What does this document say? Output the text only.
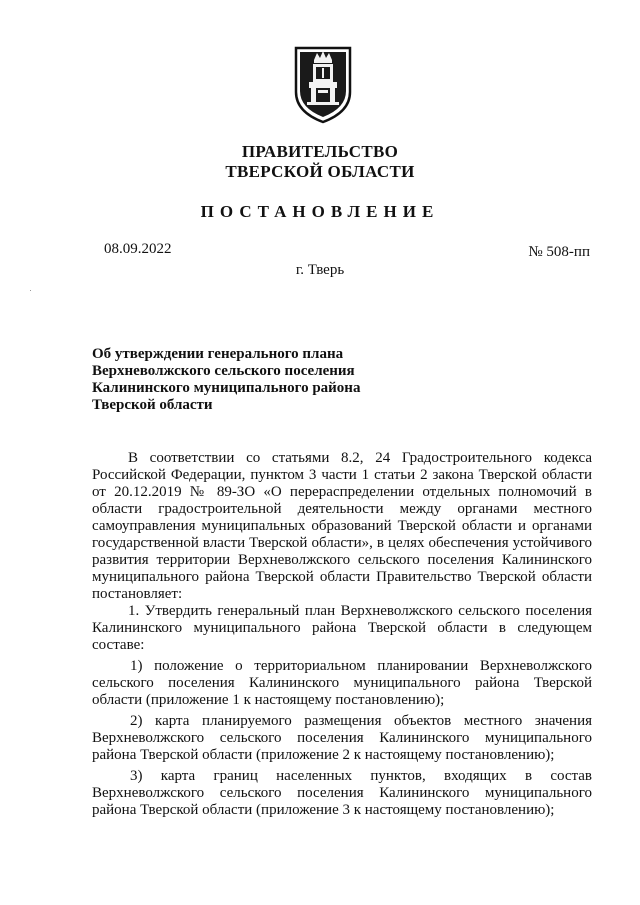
ПРАВИТЕЛЬСТВО
ТВЕРСКОЙ ОБЛАСТИ
ПОСТАНОВЛЕНИЕ
08.09.2022	№ 508-пп
г. Тверь
Об утверждении генерального плана
Верхневолжского сельского поселения
Калининского муниципального района
Тверской области

В соответствии со статьями 8.2, 24 Градостроительного кодекса Российской Федерации, пунктом 3 части 1 статьи 2 закона Тверской области от 20.12.2019 № 89-ЗО «О перераспределении отдельных полномочий в области градостроительной деятельности между органами местного самоуправления муниципальных образований Тверской области и органами государственной власти Тверской области», в целях обеспечения устойчивого развития территории Верхневолжского сельского поселения Калининского муниципального района Тверской области Правительство Тверской области постановляет:

1. Утвердить генеральный план Верхневолжского сельского поселения Калининского муниципального района Тверской области в следующем составе:

1) положение о территориальном планировании Верхневолжского сельского поселения Калининского муниципального района Тверской области (приложение 1 к настоящему постановлению);

2) карта планируемого размещения объектов местного значения Верхневолжского сельского поселения Калининского муниципального района Тверской области (приложение 2 к настоящему постановлению);

3) карта границ населенных пунктов, входящих в состав Верхневолжского сельского поселения Калининского муниципального района Тверской области (приложение 3 к настоящему постановлению);
